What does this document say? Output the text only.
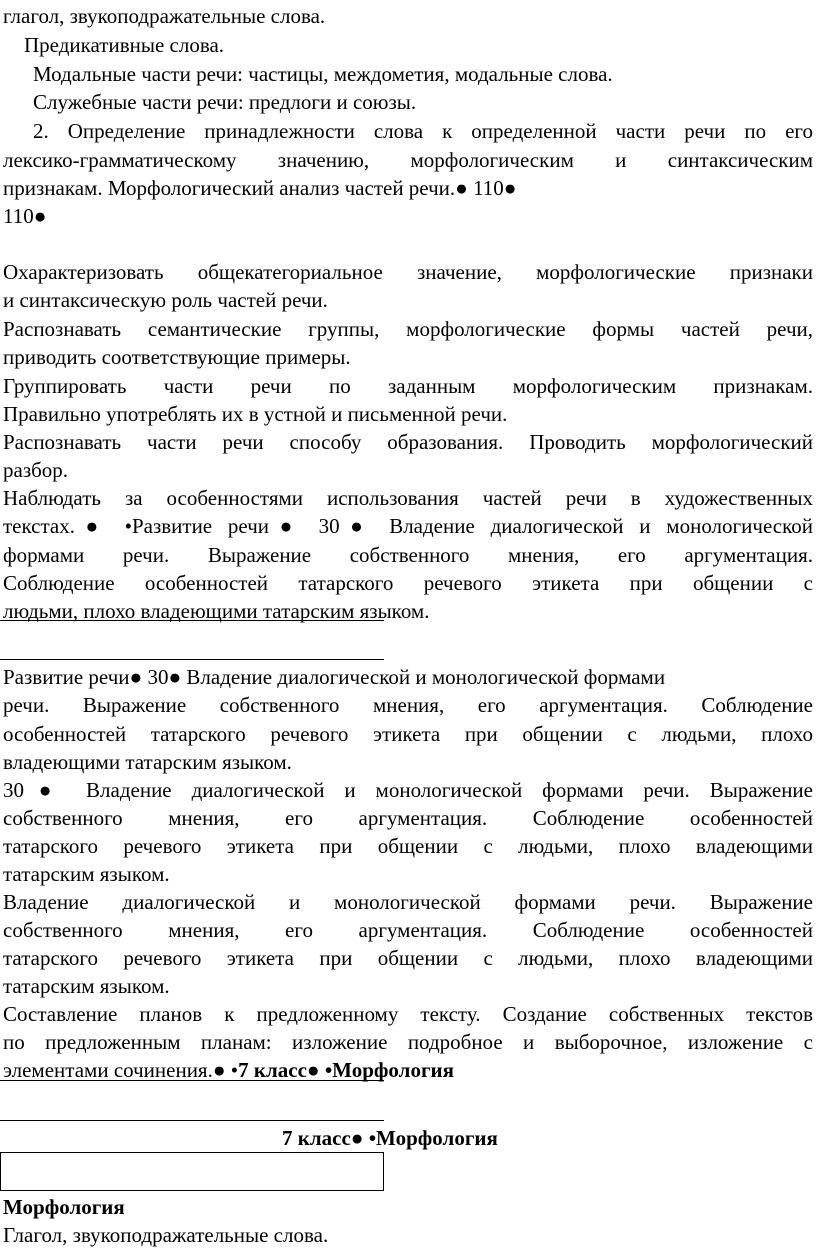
глагол, звукоподражательные слова.
Предикативные слова.
Модальные части речи: частицы, междометия, модальные слова.
Служебные части речи: предлоги и союзы.
2. Определение принадлежности слова к определенной части речи по его
лексико-грамматическому значению, морфологическим и синтаксическим
признакам. Морфологический анализ частей речи.● 110●
110●
Охарактеризовать общекатегориальное значение, морфологические признаки
и синтаксическую роль частей речи.
Распознавать семантические группы, морфологические формы частей речи,
приводить соответствующие примеры.
Группировать части речи по заданным морфологическим признакам.
Правильно употреблять их в устной и письменной речи.
Распознавать части речи способу образования. Проводить морфологический
разбор.
Наблюдать за особенностями использования частей речи в художественных
текстах.● •Развитие речи● 30● Владение диалогической и монологической
формами речи. Выражение собственного мнения, его аргументация.
Соблюдение особенностей татарского речевого этикета при общении с
людьми, плохо владеющими татарским языком.
Развитие речи● 30● Владение диалогической и монологической формами
речи. Выражение собственного мнения, его аргументация. Соблюдение
особенностей татарского речевого этикета при общении с людьми, плохо
владеющими татарским языком.
30● Владение диалогической и монологической формами речи. Выражение
собственного мнения, его аргументация. Соблюдение особенностей
татарского речевого этикета при общении с людьми, плохо владеющими
татарским языком.
Владение диалогической и монологической формами речи. Выражение
собственного мнения, его аргументация. Соблюдение особенностей
татарского речевого этикета при общении с людьми, плохо владеющими
татарским языком.
Составление планов к предложенному тексту. Создание собственных текстов
по предложенным планам: изложение подробное и выборочное, изложение с
элементами сочинения.● •7 класс● •Морфология
7 класс● •Морфология
Морфология
Глагол, звукоподражательные слова.
